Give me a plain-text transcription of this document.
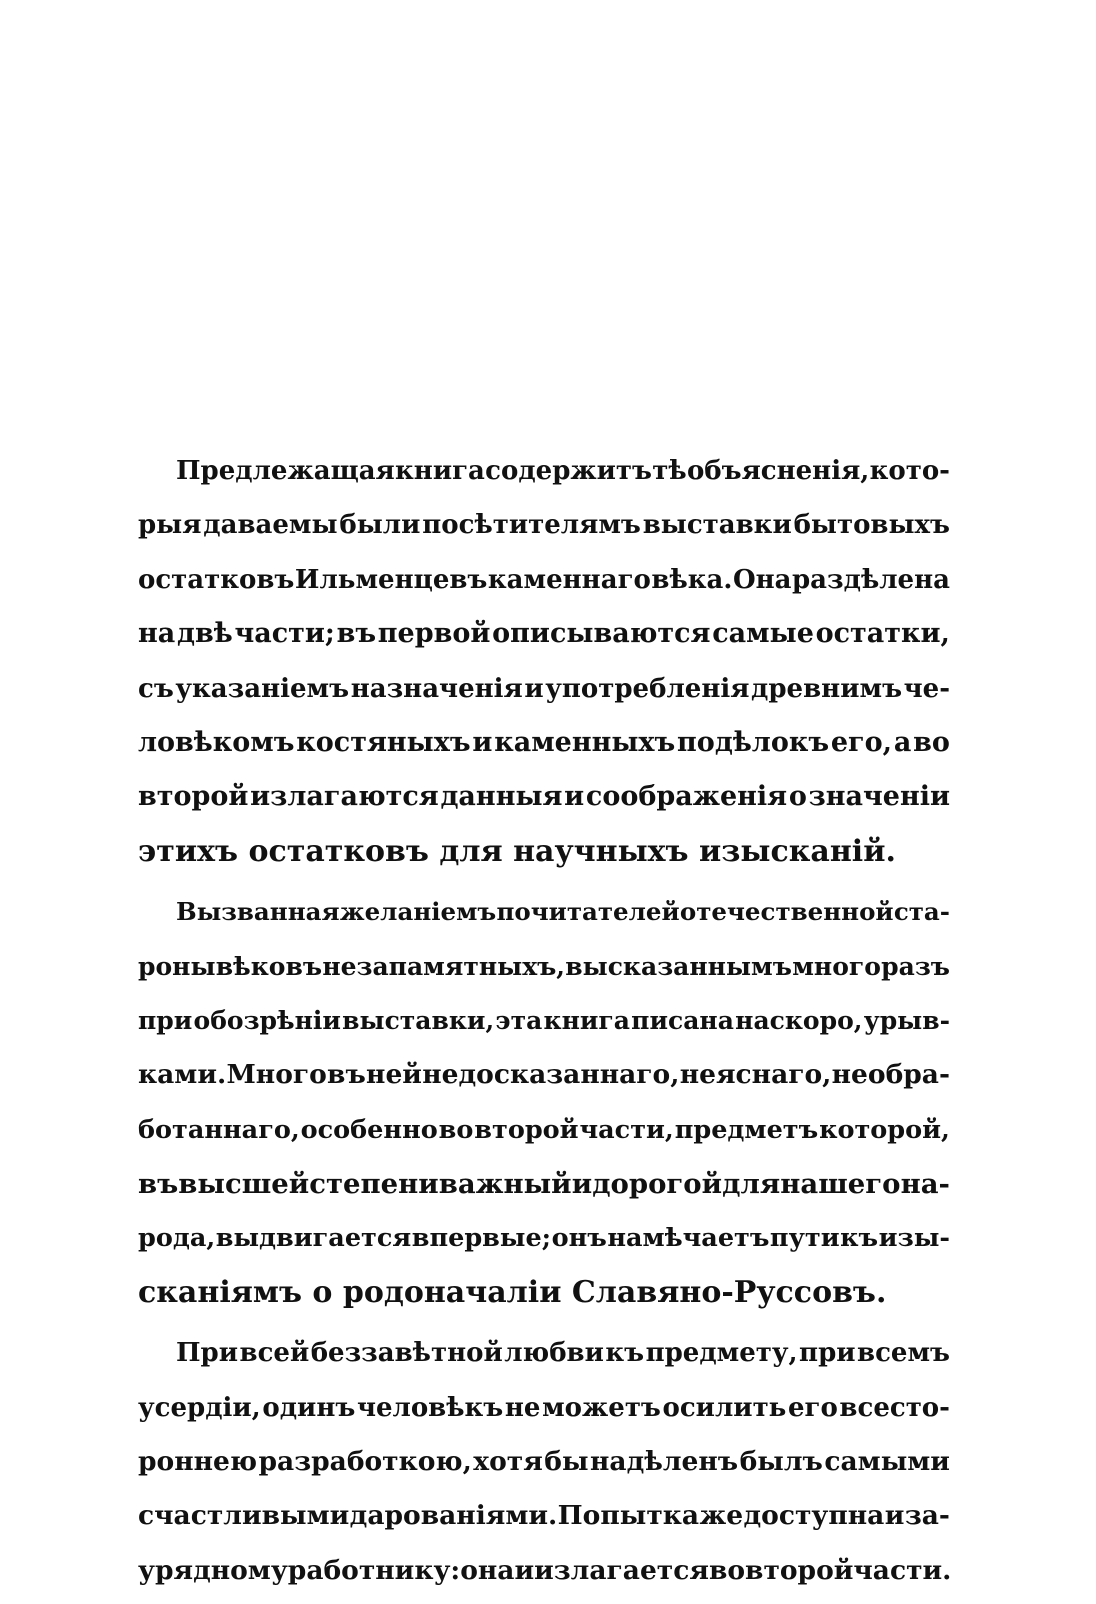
Предлежащая книга содержитъ тѣ объясненія, кото-
рыя даваемы были посѣтителямъ выставки бытовыхъ
остатковъ Ильменцевъ каменнаго вѣка. Она раздѣлена
на двѣ части; въ первой описываются самые остатки,
съ указаніемъ назначенія и употребленія древнимъ че-
ловѣкомъ костяныхъ и каменныхъ подѣлокъ его, а во
второй излагаются данныя и соображенія о значеніи
этихъ остатковъ для научныхъ изысканій.
Вызванная желаніемъ почитателей отечественной ста-
роны вѣковъ незапамятныхъ, высказаннымъ много разъ
при обозрѣніи выставки, эта книга писана наскоро, урыв-
ками. Много въ ней недосказаннаго, неяснаго, необра-
ботаннаго, особенно во второй части, предметъ которой,
въ высшей степени важный и дорогой для нашего на-
рода, выдвигается впервые; онъ намѣчаетъ пути къ изы-
сканіямъ о родоначаліи Славяно-Руссовъ.
При всей беззавѣтной любви къ предмету, при всемъ
усердіи, одинъ человѣкъ не можетъ осилить его всесто-
роннею разработкою, хотя бы надѣленъ былъ самыми
счастливыми дарованіями. Попытка же доступна и за-
урядному работнику: она и излагается во второй части.
